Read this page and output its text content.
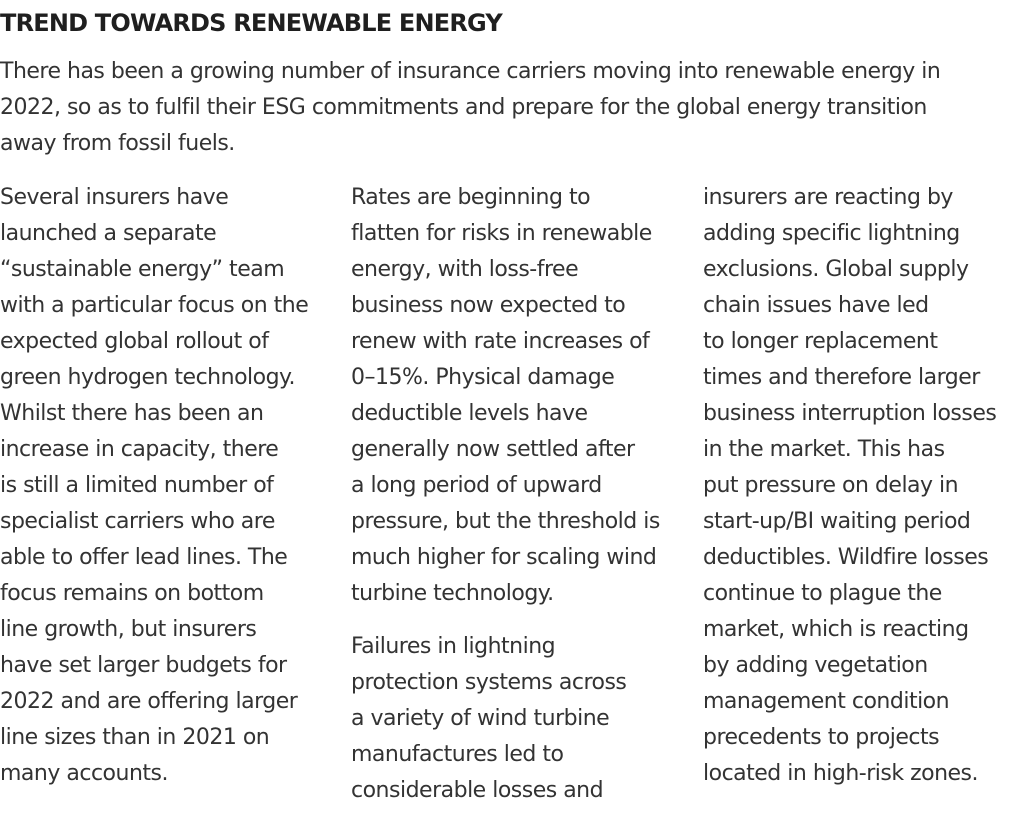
TREND TOWARDS RENEWABLE ENERGY

There has been a growing number of insurance carriers moving into renewable energy in
2022, so as to fulfil their ESG commitments and prepare for the global energy transition
away from fossil fuels.

Several insurers have
launched a separate
“sustainable energy” team
with a particular focus on the
expected global rollout of
green hydrogen technology.
Whilst there has been an
increase in capacity, there
is still a limited number of
specialist carriers who are
able to offer lead lines. The
focus remains on bottom
line growth, but insurers
have set larger budgets for
2022 and are offering larger
line sizes than in 2021 on
many accounts.

Rates are beginning to
flatten for risks in renewable
energy, with loss-free
business now expected to
renew with rate increases of
0–15%. Physical damage
deductible levels have
generally now settled after
a long period of upward
pressure, but the threshold is
much higher for scaling wind
turbine technology.

Failures in lightning
protection systems across
a variety of wind turbine
manufactures led to
considerable losses and

insurers are reacting by
adding specific lightning
exclusions. Global supply
chain issues have led
to longer replacement
times and therefore larger
business interruption losses
in the market. This has
put pressure on delay in
start-up/BI waiting period
deductibles. Wildfire losses
continue to plague the
market, which is reacting
by adding vegetation
management condition
precedents to projects
located in high-risk zones.
